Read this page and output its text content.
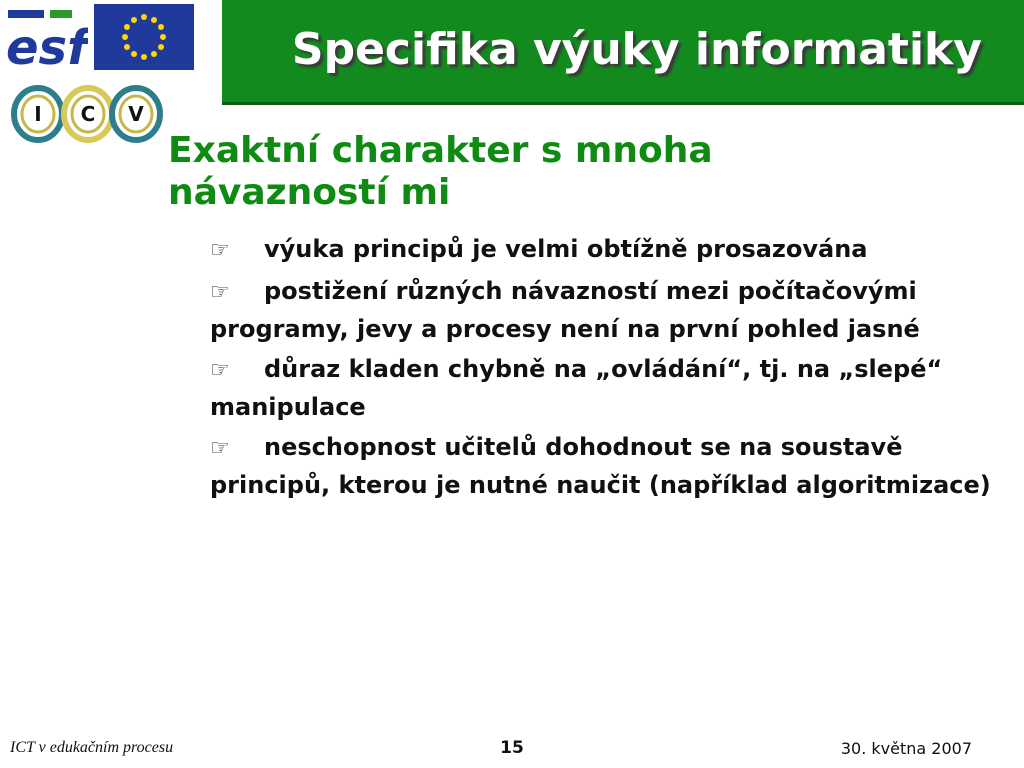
esf
I C V
Specifika výuky informatiky
Exaktní charakter s mnoha návazností mi
☞ výuka principů je velmi obtížně prosazována
☞ postižení různých návazností mezi počítačovými programy, jevy a procesy není na první pohled jasné
☞ důraz kladen chybně na „ovládání“, tj. na „slepé“ manipulace
☞ neschopnost učitelů dohodnout se na soustavě principů, kterou je nutné naučit (například algoritmizace)
ICT v edukačním procesu	15	30. května 2007
